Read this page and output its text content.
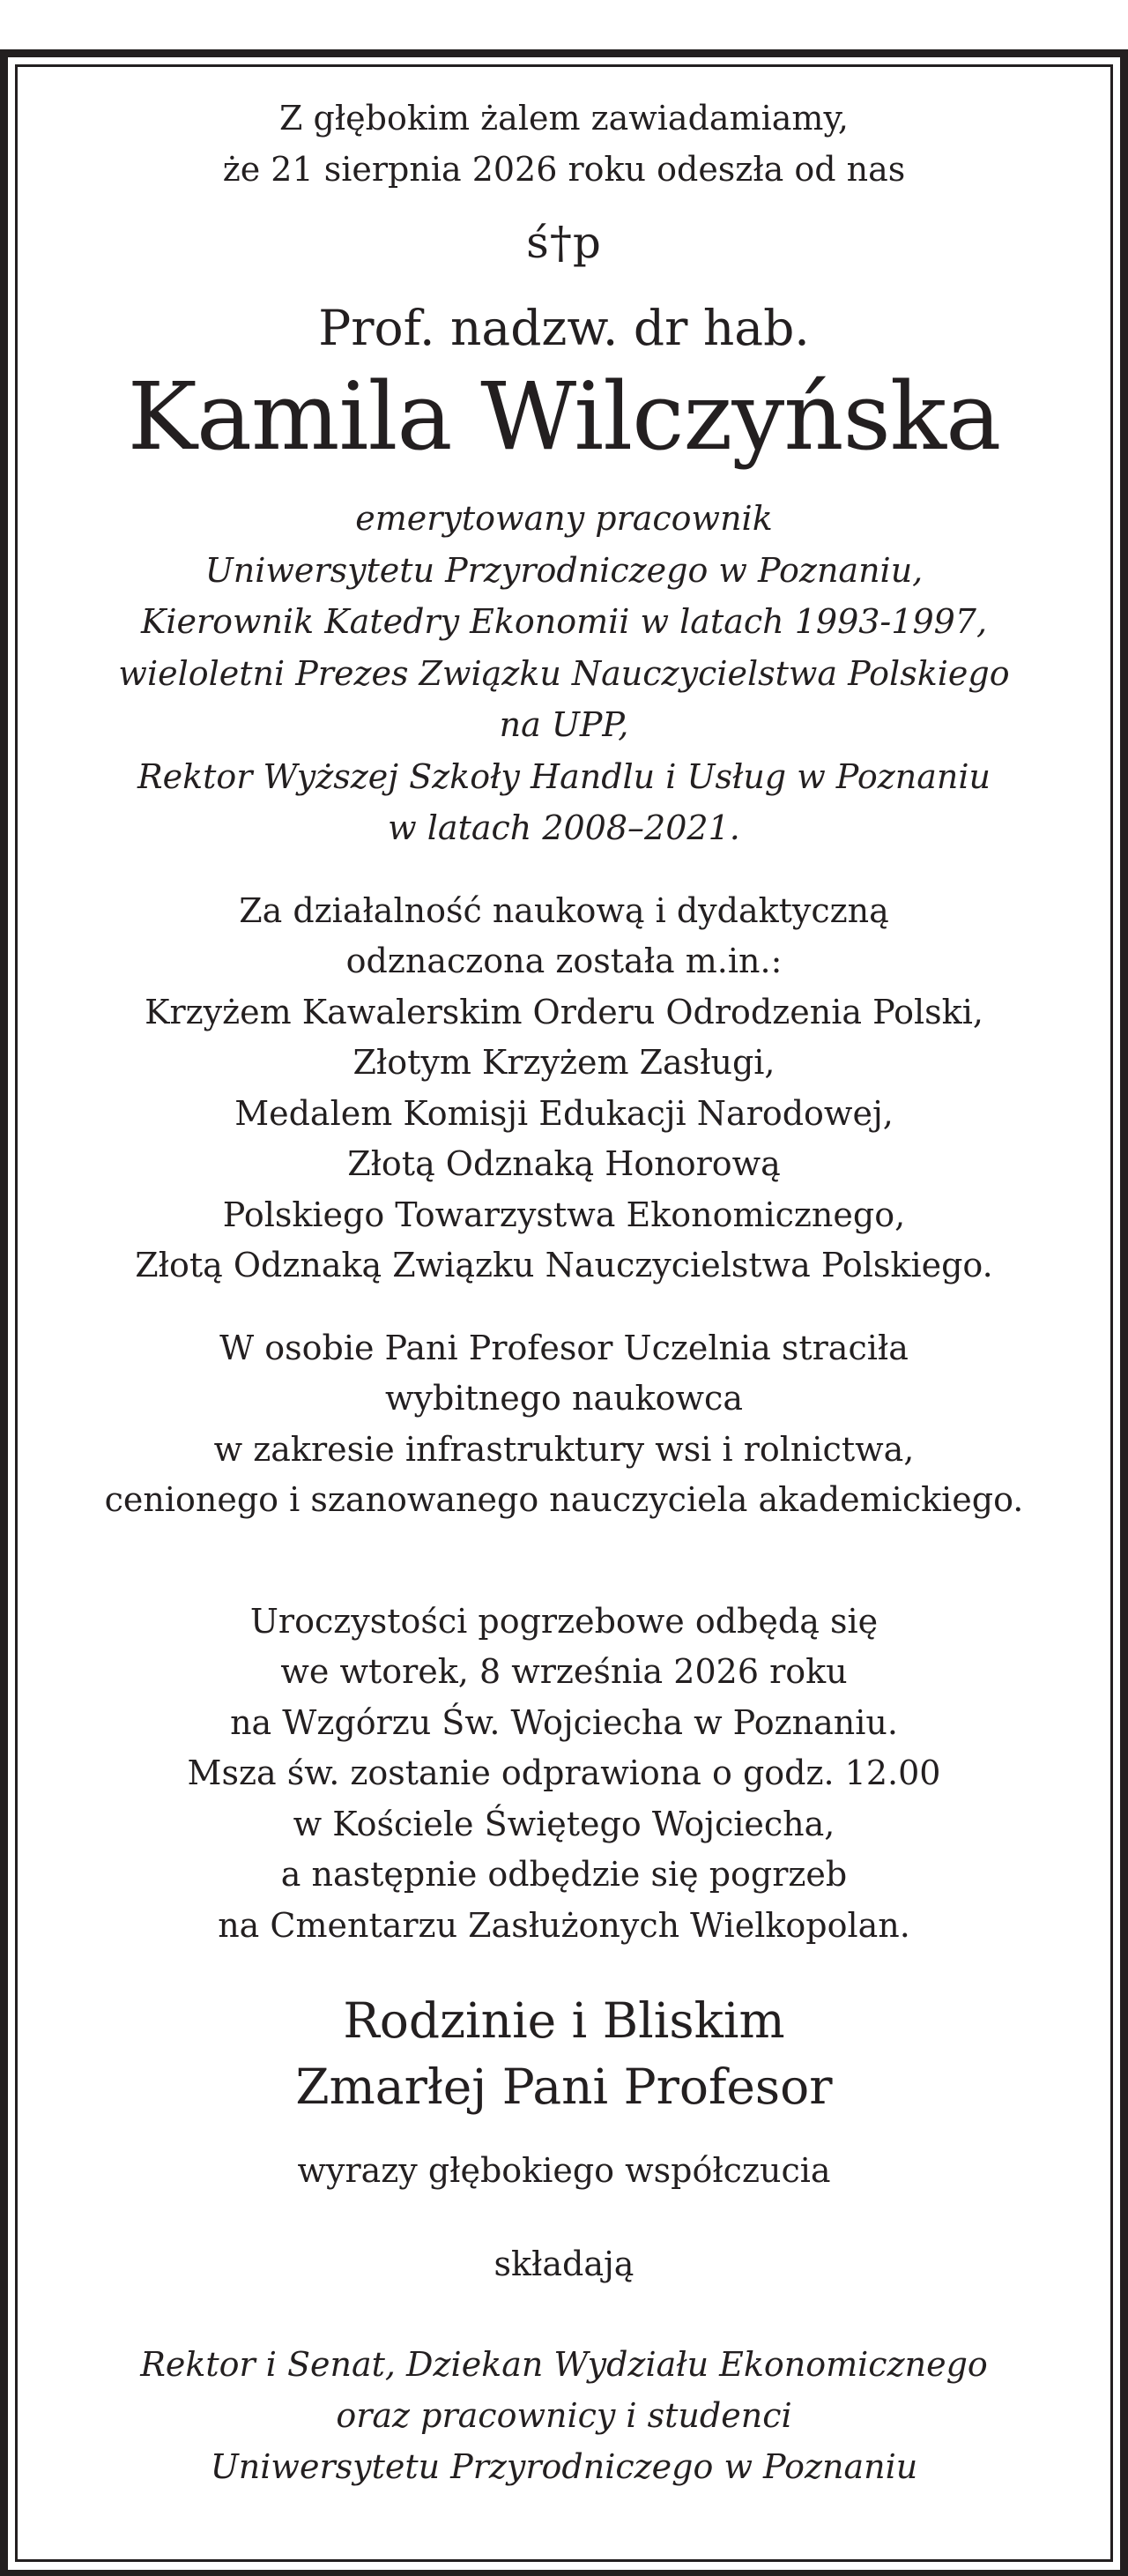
Z głębokim żalem zawiadamiamy,
że 21 sierpnia 2026 roku odeszła od nas
ś†p
Prof. nadzw. dr hab.
Kamila Wilczyńska
emerytowany pracownik
Uniwersytetu Przyrodniczego w Poznaniu,
Kierownik Katedry Ekonomii w latach 1993-1997,
wieloletni Prezes Związku Nauczycielstwa Polskiego
na UPP,
Rektor Wyższej Szkoły Handlu i Usług w Poznaniu
w latach 2008–2021.
Za działalność naukową i dydaktyczną
odznaczona została m.in.:
Krzyżem Kawalerskim Orderu Odrodzenia Polski,
Złotym Krzyżem Zasługi,
Medalem Komisji Edukacji Narodowej,
Złotą Odznaką Honorową
Polskiego Towarzystwa Ekonomicznego,
Złotą Odznaką Związku Nauczycielstwa Polskiego.
W osobie Pani Profesor Uczelnia straciła
wybitnego naukowca
w zakresie infrastruktury wsi i rolnictwa,
cenionego i szanowanego nauczyciela akademickiego.
Uroczystości pogrzebowe odbędą się
we wtorek, 8 września 2026 roku
na Wzgórzu Św. Wojciecha w Poznaniu.
Msza św. zostanie odprawiona o godz. 12.00
w Kościele Świętego Wojciecha,
a następnie odbędzie się pogrzeb
na Cmentarzu Zasłużonych Wielkopolan.
Rodzinie i Bliskim
Zmarłej Pani Profesor
wyrazy głębokiego współczucia
składają
Rektor i Senat, Dziekan Wydziału Ekonomicznego
oraz pracownicy i studenci
Uniwersytetu Przyrodniczego w Poznaniu
